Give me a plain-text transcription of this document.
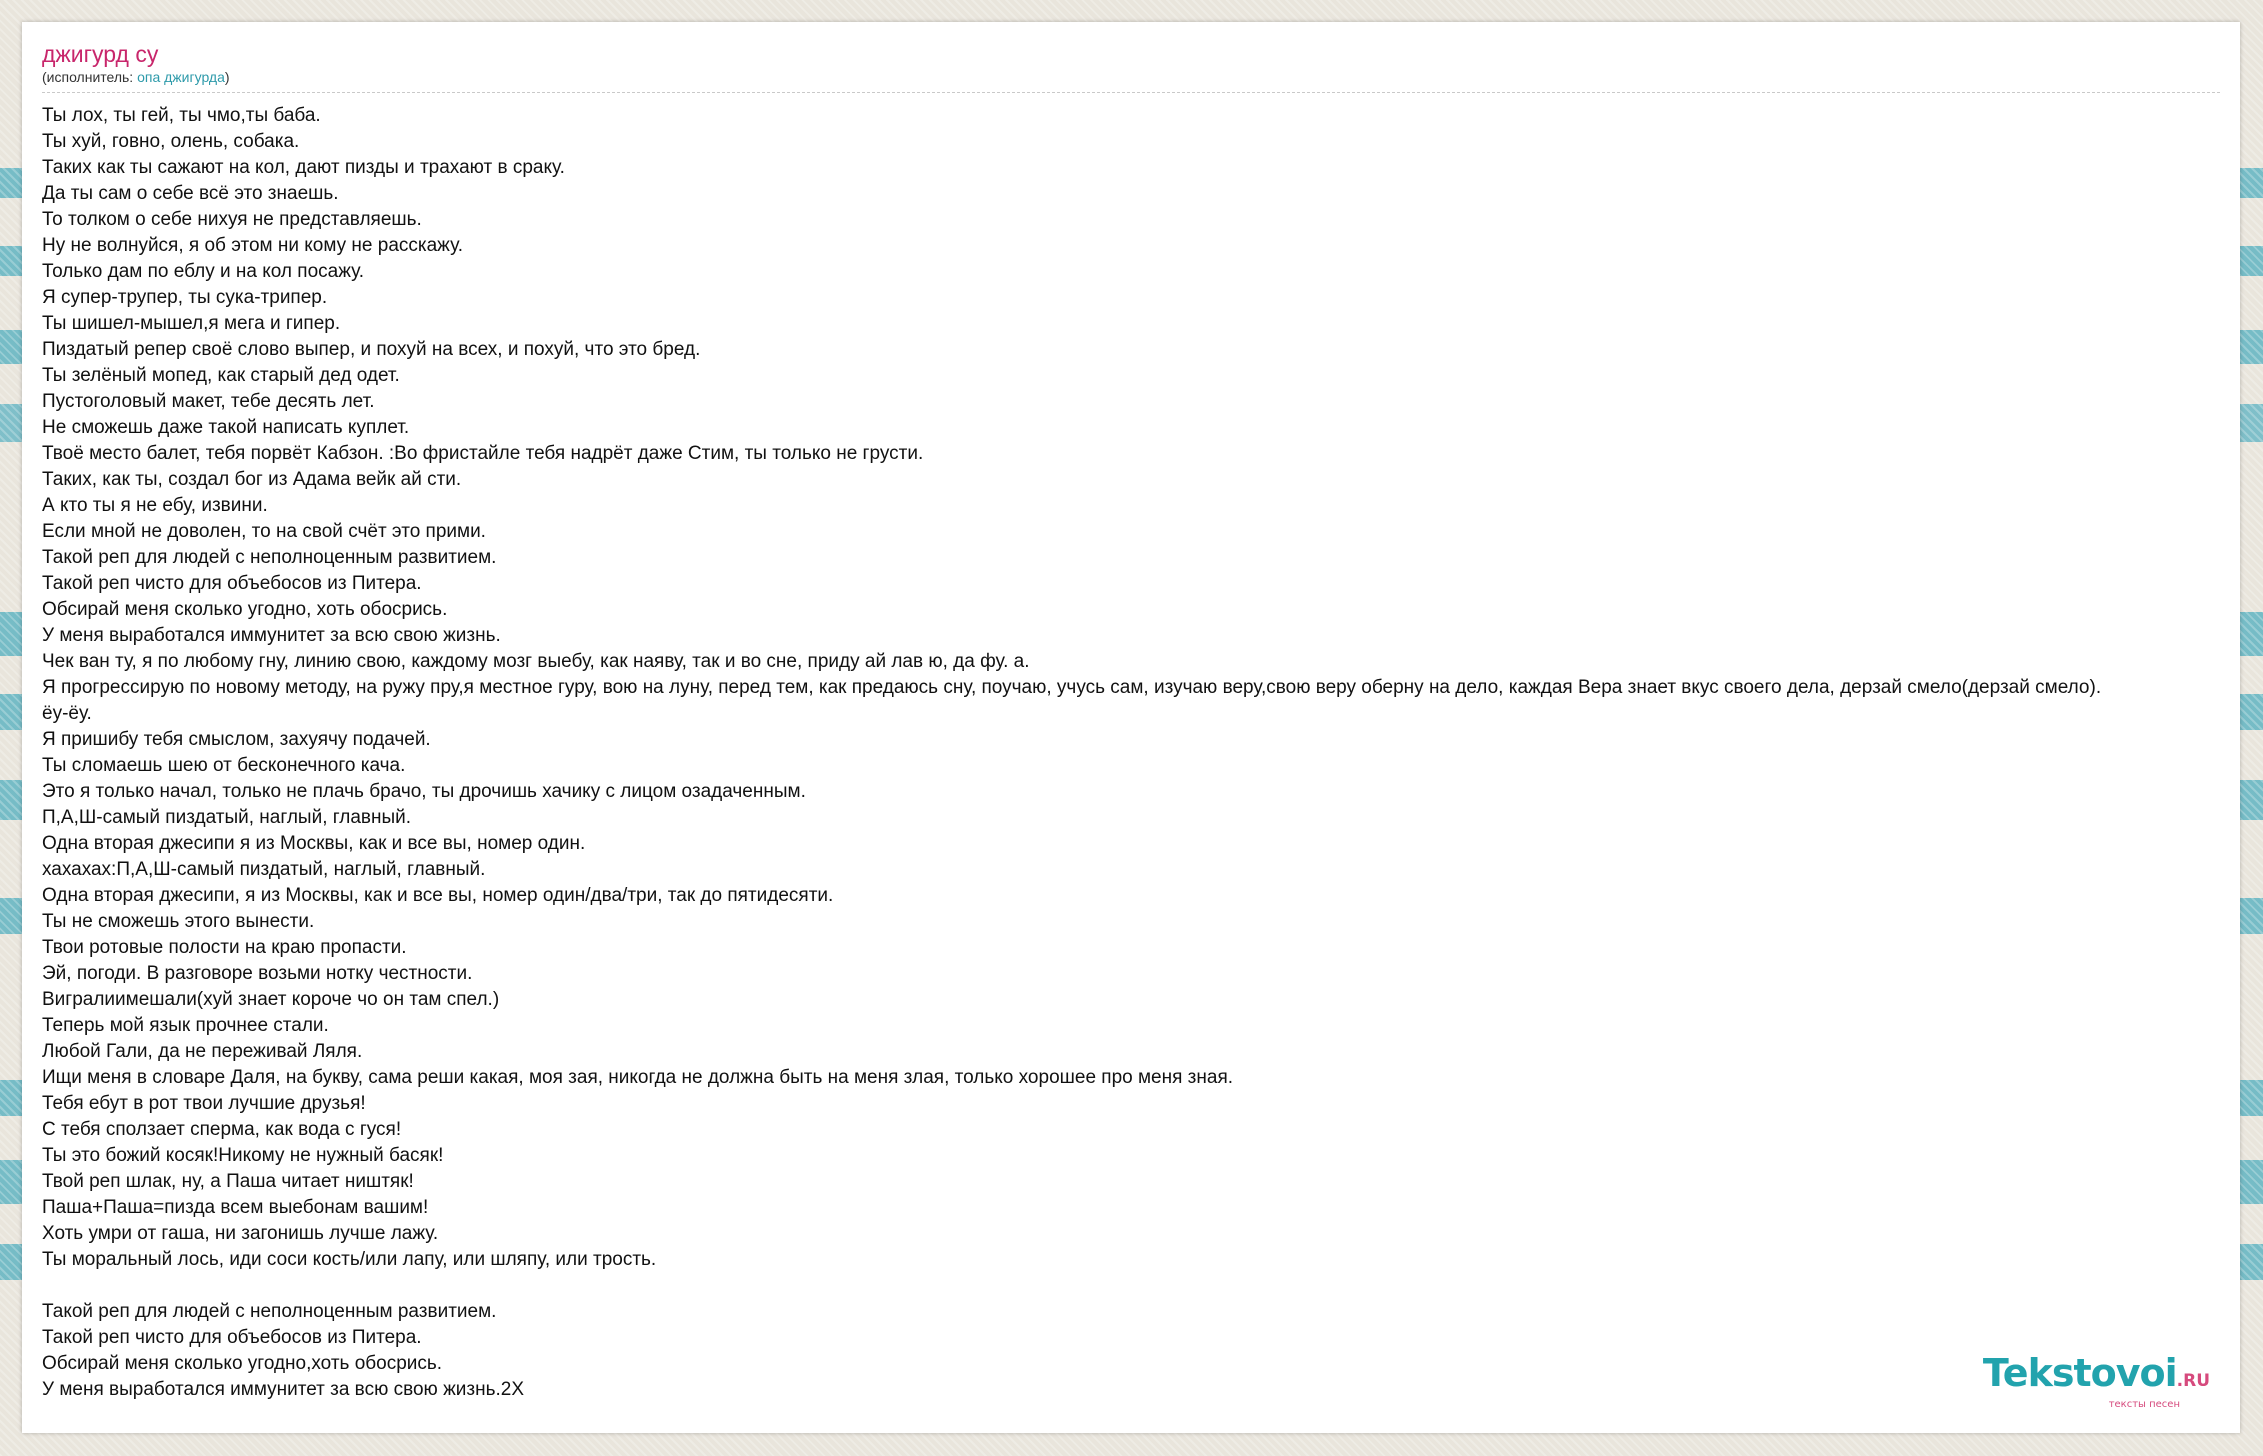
джигурд су
(исполнитель: опа джигурда)
Ты лох, ты гей, ты чмо,ты баба.
Ты хуй, говно, олень, собака.
Таких как ты сажают на кол, дают пизды и трахают в сраку.
Да ты сам о себе всё это знаешь.
То толком о себе нихуя не представляешь.
Ну не волнуйся, я об этом ни кому не расскажу.
Только дам по еблу и на кол посажу.
Я супер-трупер, ты сука-трипер.
Ты шишел-мышел,я мега и гипер.
Пиздатый репер своё слово выпер, и похуй на всех, и похуй, что это бред.
Ты зелёный мопед, как старый дед одет.
Пустоголовый макет, тебе десять лет.
Не сможешь даже такой написать куплет.
Твоё место балет, тебя порвёт Кабзон. :Во фристайле тебя надрёт даже Стим, ты только не грусти.
Таких, как ты, создал бог из Адама вейк ай сти.
А кто ты я не ебу, извини.
Если мной не доволен, то на свой счёт это прими.
Такой реп для людей с неполноценным развитием.
Такой реп чисто для объебосов из Питера.
Обсирай меня сколько угодно, хоть обосрись.
У меня выработался иммунитет за всю свою жизнь.
Чек ван ту, я по любому гну, линию свою, каждому мозг выебу, как наяву, так и во сне, приду ай лав ю, да фу. а.
Я прогрессирую по новому методу, на ружу пру,я местное гуру, вою на луну, перед тем, как предаюсь сну, поучаю, учусь сам, изучаю веру,свою веру оберну на дело, каждая Вера знает вкус своего дела, дерзай смело(дерзай смело).
ёу-ёу.
Я пришибу тебя смыслом, захуячу подачей.
Ты сломаешь шею от бесконечного кача.
Это я только начал, только не плачь брачо, ты дрочишь хачику с лицом озадаченным.
П,А,Ш-самый пиздатый, наглый, главный.
Одна вторая джесипи я из Москвы, как и все вы, номер один.
хахахах:П,А,Ш-самый пиздатый, наглый, главный.
Одна вторая джесипи, я из Москвы, как и все вы, номер один/два/три, так до пятидесяти.
Ты не сможешь этого вынести.
Твои ротовые полости на краю пропасти.
Эй, погоди. В разговоре возьми нотку честности.
Вигралиимешали(хуй знает короче чо он там спел.)
Теперь мой язык прочнее стали.
Любой Гали, да не переживай Ляля.
Ищи меня в словаре Даля, на букву, сама реши какая, моя зая, никогда не должна быть на меня злая, только хорошее про меня зная.
Тебя ебут в рот твои лучшие друзья!
С тебя сползает сперма, как вода с гуся!
Ты это божий косяк!Никому не нужный басяк!
Твой реп шлак, ну, а Паша читает ништяк!
Паша+Паша=пизда всем выебонам вашим!
Хоть умри от гаша, ни загонишь лучше лажу.
Ты моральный лось, иди соси кость/или лапу, или шляпу, или трость.
Такой реп для людей с неполноценным развитием.
Такой реп чисто для объебосов из Питера.
Обсирай меня сколько угодно,хоть обосрись.
У меня выработался иммунитет за всю свою жизнь.2Х	Tekstovoi.RU
тексты песен
